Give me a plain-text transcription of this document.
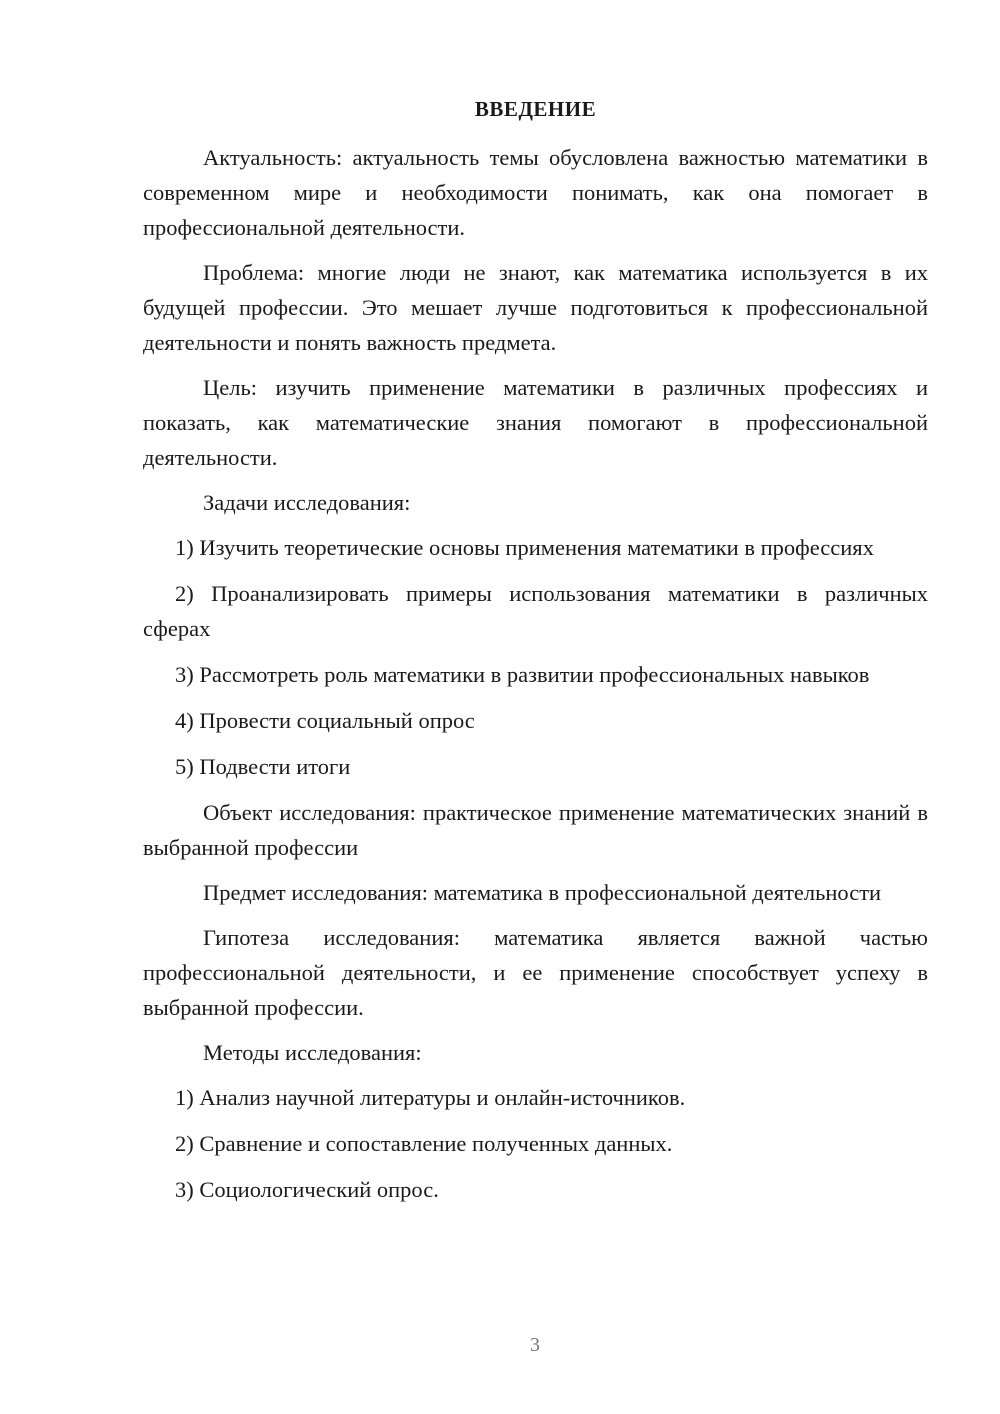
ВВЕДЕНИЕ
Актуальность: актуальность темы обусловлена важностью математики в современном мире и необходимости понимать, как она помогает в профессиональной деятельности.
Проблема: многие люди не знают, как математика используется в их будущей профессии. Это мешает лучше подготовиться к профессиональной деятельности и понять важность предмета.
Цель: изучить применение математики в различных профессиях и показать, как математические знания помогают в профессиональной деятельности.
Задачи исследования:
1) Изучить теоретические основы применения математики в профессиях
2) Проанализировать примеры использования математики в различных сферах
3) Рассмотреть роль математики в развитии профессиональных навыков
4) Провести социальный опрос
5) Подвести итоги
Объект исследования: практическое применение математических знаний в выбранной профессии
Предмет исследования: математика в профессиональной деятельности
Гипотеза исследования: математика является важной частью профессиональной деятельности, и ее применение способствует успеху в выбранной профессии.
Методы исследования:
1) Анализ научной литературы и онлайн-источников.
2) Сравнение и сопоставление полученных данных.
3) Социологический опрос.
3
